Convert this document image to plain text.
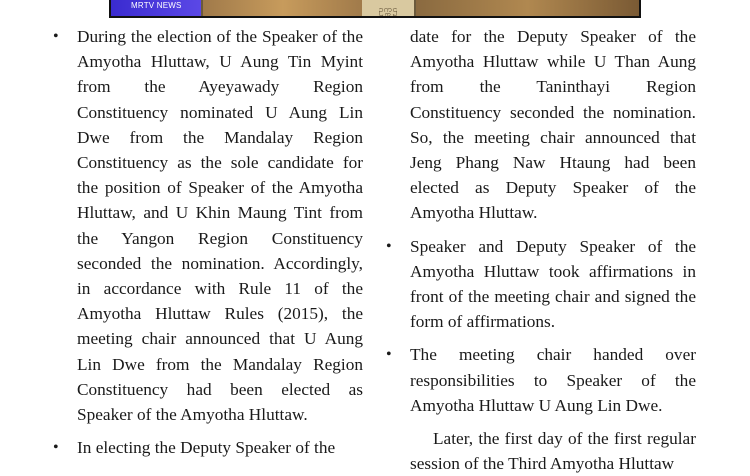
MRTV NEWS	ဥက္ကဌ
• During the election of the Speaker of the Amyotha Hluttaw, U Aung Tin Myint from the Ayeyawady Region Constituency nominated U Aung Lin Dwe from the Mandalay Region Constituency as the sole candidate for the position of Speaker of the Amyotha Hluttaw, and U Khin Maung Tint from the Yangon Region Constituency seconded the nomination. Accordingly, in accordance with Rule 11 of the Amyotha Hluttaw Rules (2015), the meeting chair announced that U Aung Lin Dwe from the Mandalay Region Constituency had been elected as Speaker of the Amyotha Hluttaw.
• In electing the Deputy Speaker of the
date for the Deputy Speaker of the Amyotha Hluttaw while U Than Aung from the Taninthayi Region Constituency seconded the nomination. So, the meeting chair announced that Jeng Phang Naw Htaung had been elected as Deputy Speaker of the Amyotha Hluttaw.
• Speaker and Deputy Speaker of the Amyotha Hluttaw took affirmations in front of the meeting chair and signed the form of affirmations.
• The meeting chair handed over responsibilities to Speaker of the Amyotha Hluttaw U Aung Lin Dwe.
Later, the first day of the first regular session of the Third Amyotha Hluttaw
